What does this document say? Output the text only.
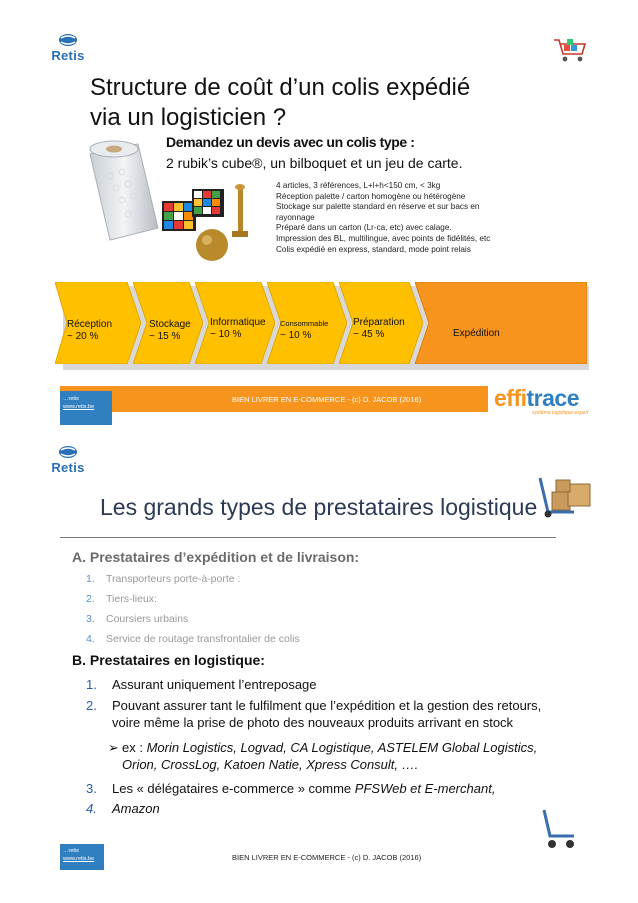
Retis
Structure de coût d’un colis expédié
via un logisticien ?
Demandez un devis avec un colis type :
2 rubik’s cube®, un bilboquet et un jeu de carte.
4 articles, 3 références, L+l+h<150 cm, < 3kg
Réception palette / carton homogène ou hétérogène
Stockage sur palette standard en réserve et sur bacs en
rayonnage
Préparé dans un carton (Lr-ca, etc) avec calage.
Impression des BL, multilingue, avec points de fidélités, etc
Colis expédié en express, standard, mode point relais
Réception
~ 20 %
Stockage
~ 15 %
Informatique
~ 10 %
Consommable
~ 10 %
Préparation
~ 45 %	Expédition
…retis
www.retis.be
BIEN LIVRER EN E-COMMERCE - (c) D. JACOB (2016)	effitrace
système logistique expert
Retis
Les grands types de prestataires logistique
A. Prestataires d’expédition et de livraison:
1. Transporteurs porte-à-porte :
2. Tiers-lieux:
3. Coursiers urbains
4. Service de routage transfrontalier de colis
B. Prestataires en logistique:
1. Assurant uniquement l’entreposage
2. Pouvant assurer tant le fulfilment que l’expédition et la gestion des retours,
voire même la prise de photo des nouveaux produits arrivant en stock
➢ ex : Morin Logistics, Logvad, CA Logistique, ASTELEM Global Logistics,
Orion, CrossLog, Katoen Natie, Xpress Consult, ….
3. Les « délégataires e-commerce » comme PFSWeb et E-merchant,
4. Amazon
…retis
www.retis.be	BIEN LIVRER EN E-COMMERCE - (c) D. JACOB (2016)
